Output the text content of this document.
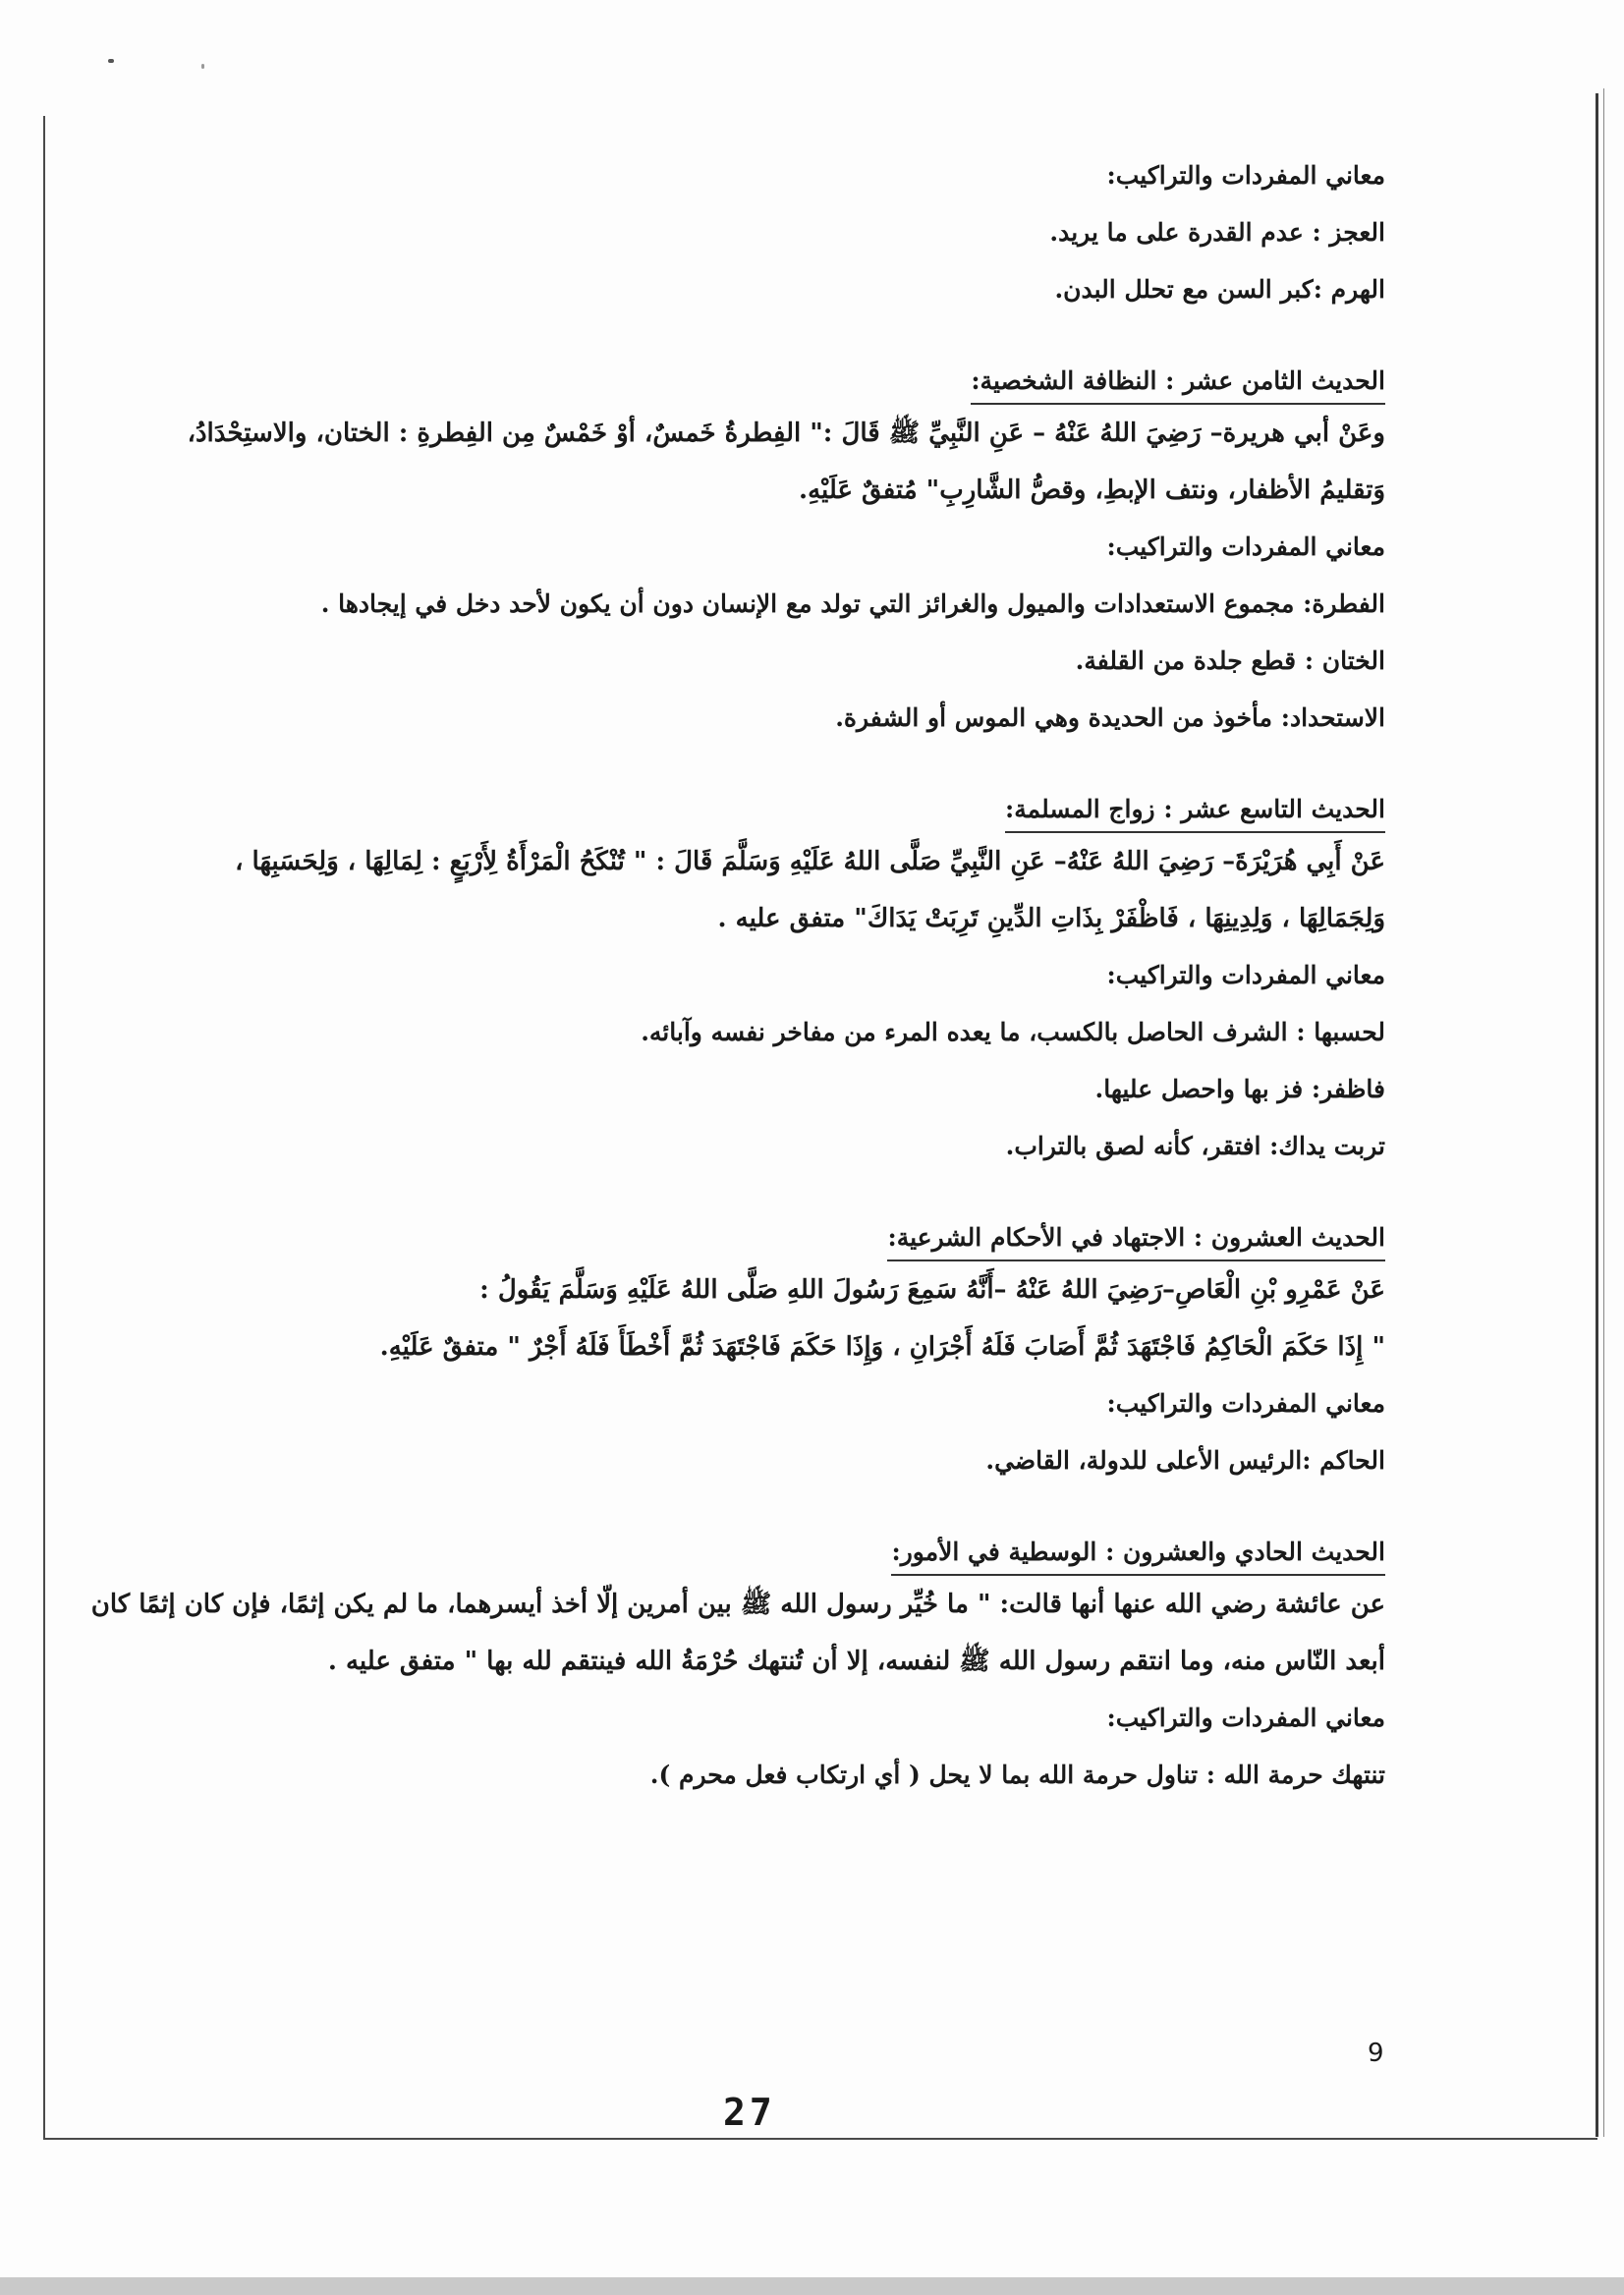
معاني المفردات والتراكيب:
العجز : عدم القدرة على ما يريد.
الهرم :كبر السن مع تحلل البدن.
الحديث الثامن عشر : النظافة الشخصية:
وعَنْ أبي هريرة– رَضِيَ اللهُ عَنْهُ – عَنِ النَّبِيِّ ﷺ قَالَ :" الفِطرةُ خَمسٌ، أوْ خَمْسٌ مِن الفِطرةِ : الختان، والاستِحْدَادُ،
وَتقليمُ الأظفار، ونتف الإبطِ، وقصُّ الشَّارِبِ" مُتفقٌ عَلَيْهِ.
معاني المفردات والتراكيب:
الفطرة: مجموع الاستعدادات والميول والغرائز التي تولد مع الإنسان دون أن يكون لأحد دخل في إيجادها .
الختان : قطع جلدة من القلفة.
الاستحداد: مأخوذ من الحديدة وهي الموس أو الشفرة.
الحديث التاسع عشر : زواج المسلمة:
عَنْ أَبِي هُرَيْرَةَ– رَضِيَ اللهُ عَنْهُ– عَنِ النَّبِيِّ صَلَّى اللهُ عَلَيْهِ وَسَلَّمَ قَالَ : " تُنْكَحُ الْمَرْأَةُ لِأَرْبَعٍ : لِمَالِهَا ، وَلِحَسَبِهَا ،
وَلِجَمَالِهَا ، وَلِدِينِهَا ، فَاظْفَرْ بِذَاتِ الدِّينِ تَرِبَتْ يَدَاكَ" متفق عليه .
معاني المفردات والتراكيب:
لحسبها : الشرف الحاصل بالكسب، ما يعده المرء من مفاخر نفسه وآبائه.
فاظفر: فز بها واحصل عليها.
تربت يداك: افتقر، كأنه لصق بالتراب.
الحديث العشرون : الاجتهاد في الأحكام الشرعية:
عَنْ عَمْرِو بْنِ الْعَاصِ–رَضِيَ اللهُ عَنْهُ –أَنَّهُ سَمِعَ رَسُولَ اللهِ صَلَّى اللهُ عَلَيْهِ وَسَلَّمَ يَقُولُ :
" إِذَا حَكَمَ الْحَاكِمُ فَاجْتَهَدَ ثُمَّ أَصَابَ فَلَهُ أَجْرَانِ ، وَإِذَا حَكَمَ فَاجْتَهَدَ ثُمَّ أَخْطَأَ فَلَهُ أَجْرٌ " متفقٌ عَلَيْهِ.
معاني المفردات والتراكيب:
الحاكم :الرئيس الأعلى للدولة، القاضي.
الحديث الحادي والعشرون : الوسطية في الأمور:
عن عائشة رضي الله عنها أنها قالت: " ما خُيِّر رسول الله ﷺ بين أمرين إلّا أخذ أيسرهما، ما لم يكن إثمًا، فإن كان إثمًا كان
أبعد النّاس منه، وما انتقم رسول الله ﷺ لنفسه، إلا أن تُنتهك حُرْمَةُ الله فينتقم لله بها " متفق عليه .
معاني المفردات والتراكيب:
تنتهك حرمة الله : تناول حرمة الله بما لا يحل ( أي ارتكاب فعل محرم ).
9
27
